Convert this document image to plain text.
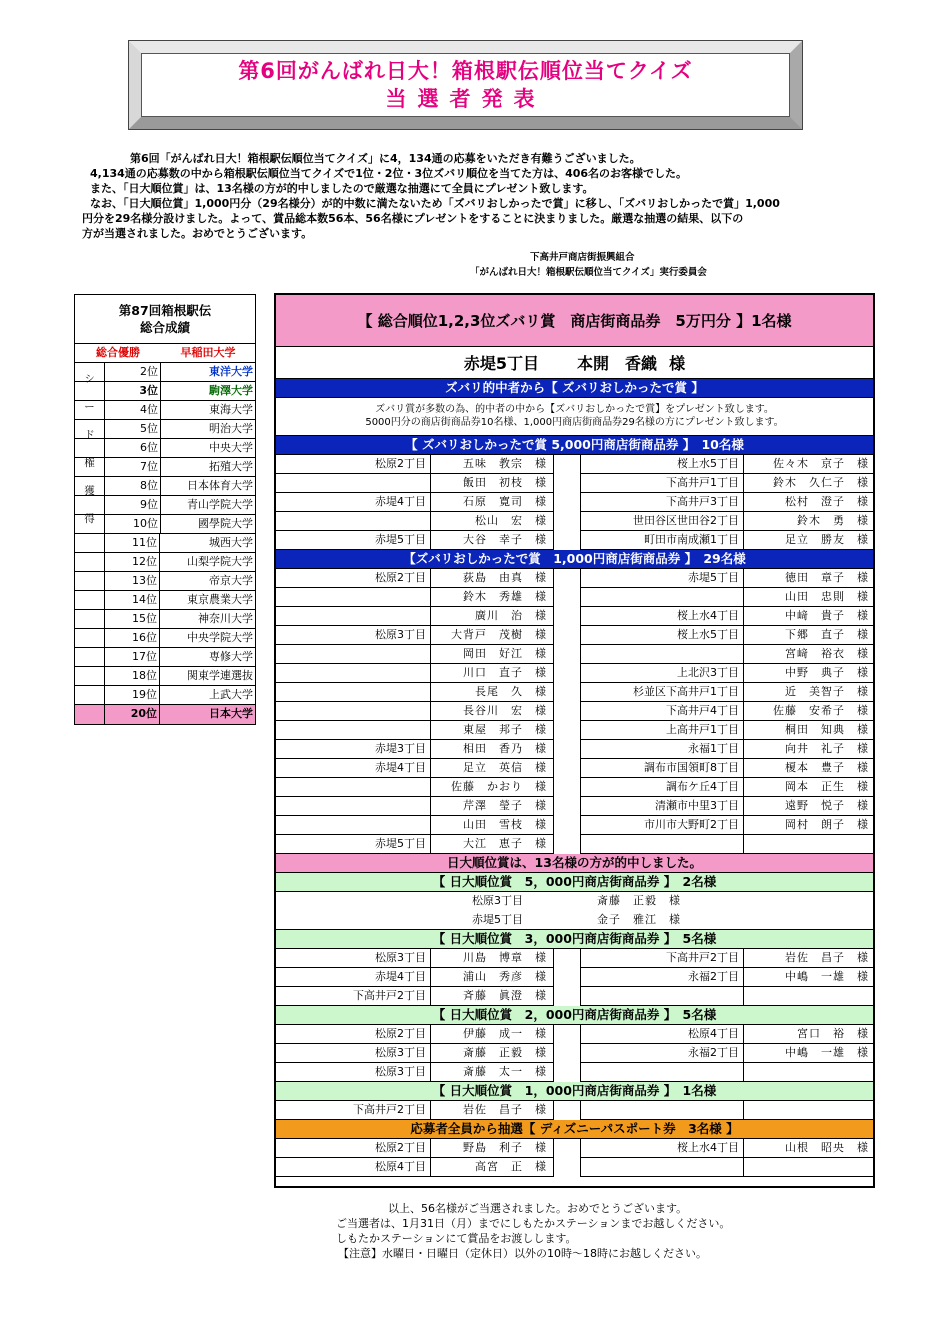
第6回がんばれ日大！箱根駅伝順位当てクイズ
当選者発表

第6回「がんばれ日大！箱根駅伝順位当てクイズ」に4，134通の応募をいただき有難うございました。

4,134通の応募数の中から箱根駅伝順位当てクイズで1位・2位・3位ズバリ順位を当てた方は、406名のお客様でした。

また、「日大順位賞」は、13名様の方が的中しましたので厳選な抽選にて全員にプレゼント致します。

なお、「日大順位賞」1,000円分（29名様分）が的中数に満たないため「ズバリおしかったで賞」に移し、「ズバリおしかったで賞」1,000

円分を29名様分設けました。よって、賞品総本数56本、56名様にプレゼントをすることに決まりました。厳選な抽選の結果、以下の

方が当選されました。おめでとうございます。

下高井戸商店街振興組合

「がんばれ日大！箱根駅伝順位当てクイズ」実行委員会

第87回箱根駅伝
総合成績
総合優勝	早稲田大学
シ
ー
ド
権
獲
得
2位	東洋大学
3位	駒澤大学
4位	東海大学
5位	明治大学
6位	中央大学
7位	拓殖大学
8位	日本体育大学
9位	青山学院大学
10位	國學院大学
11位	城西大学
12位	山梨学院大学
13位	帝京大学
14位	東京農業大学
15位	神奈川大学
16位	中央学院大学
17位	専修大学
18位	関東学連選抜
19位	上武大学
20位	日本大学
【 総合順位1,2,3位ズバリ賞　商店街商品券　5万円分 】1名様
赤堤5丁目 本開　香織 様
ズバリ的中者から【 ズバリおしかったで賞 】
ズバリ賞が多数の為、的中者の中から【ズバリおしかったで賞】をプレゼント致します。
5000円分の商店街商品券10名様、1,000円商店街商品券29名様の方にプレゼント致します。
【 ズバリおしかったで賞 5,000円商店街商品券 】　10名様
松原2丁目	五味　教宗　様	桜上水5丁目	佐々木　京子　様
飯田　初枝　様	下高井戸1丁目	鈴木　久仁子　様
赤堤4丁目	石原　寛司　様	下高井戸3丁目	松村　澄子　様
松山　宏　様	世田谷区世田谷2丁目	鈴木　勇　様
赤堤5丁目	大谷　幸子　様	町田市南成瀬1丁目	足立　勝友　様
【ズバリおしかったで賞　1,000円商店街商品券 】　29名様
松原2丁目	荻島　由真　様	赤堤5丁目	徳田　章子　様
鈴木　秀雄　様	山田　忠則　様
廣川　治　様	桜上水4丁目	中﨑　貴子　様
松原3丁目	大背戸　茂樹　様	桜上水5丁目	下郷　直子　様
岡田　好江　様	宮﨑　裕衣　様
川口　直子　様	上北沢3丁目	中野　典子　様
長尾　久　様	杉並区下高井戸1丁目	近　美智子　様
長谷川　宏　様	下高井戸4丁目	佐藤　安希子　様
東屋　邦子　様	上高井戸1丁目	桐田　知典　様
赤堤3丁目	相田　香乃　様	永福1丁目	向井　礼子　様
赤堤4丁目	足立　英信　様	調布市国領町8丁目	榎本　豊子　様
佐藤　かおり　様	調布ケ丘4丁目	岡本　正生　様
芹澤　瑩子　様	清瀬市中里3丁目	遠野　悦子　様
山田　雪枝　様	市川市大野町2丁目	岡村　朗子　様
赤堤5丁目	大江　恵子　様
日大順位賞は、13名様の方が的中しました。
【 日大順位賞　5，000円商店街商品券 】　2名様
松原3丁目	斎藤　正毅　様
赤堤5丁目	金子　雅江　様
【 日大順位賞　3，000円商店街商品券 】　5名様
松原3丁目	川島　博章　様	下高井戸2丁目	岩佐　昌子　様
赤堤4丁目	浦山　秀彦　様	永福2丁目	中嶋　一雄　様
下高井戸2丁目	斉藤　眞澄　様
【 日大順位賞　2，000円商店街商品券 】　5名様
松原2丁目	伊藤　成一　様	松原4丁目	宮口　裕　様
松原3丁目	斎藤　正毅　様	永福2丁目	中嶋　一雄　様
松原3丁目	斎藤　太一　様
【 日大順位賞　1，000円商店街商品券 】　1名様
下高井戸2丁目	岩佐　昌子　様
応募者全員から抽選【 ディズニーパスポート券　3名様 】
松原2丁目	野島　利子　様	桜上水4丁目	山根　昭央　様
松原4丁目	高宮　正　様

以上、56名様がご当選されました。おめでとうございます。

ご当選者は、1月31日（月）までにしもたかステーションまでお越しください。

しもたかステーションにて賞品をお渡しします。

【注意】水曜日・日曜日（定休日）以外の10時～18時にお越しください。
